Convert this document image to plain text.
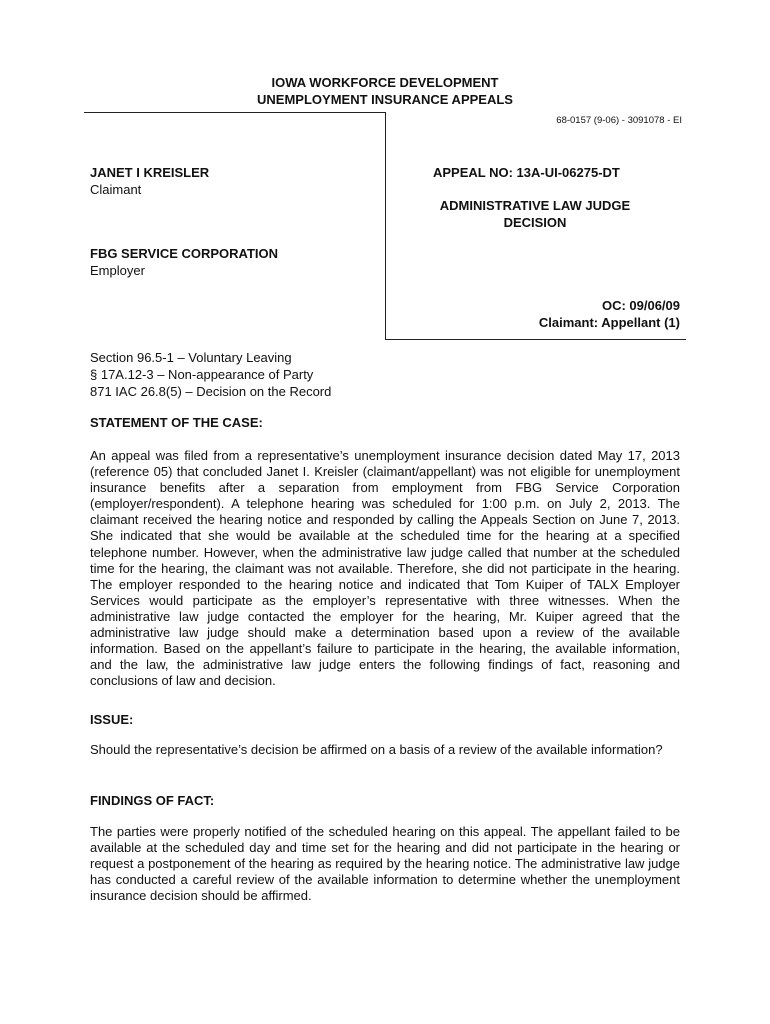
IOWA WORKFORCE DEVELOPMENT
UNEMPLOYMENT INSURANCE APPEALS
68-0157 (9-06) - 3091078 - EI
JANET I KREISLER
Claimant
FBG SERVICE CORPORATION
Employer
APPEAL NO: 13A-UI-06275-DT
ADMINISTRATIVE LAW JUDGE
DECISION
OC: 09/06/09
Claimant: Appellant (1)
Section 96.5-1 – Voluntary Leaving
§ 17A.12-3 – Non-appearance of Party
871 IAC 26.8(5) – Decision on the Record
STATEMENT OF THE CASE:
An appeal was filed from a representative’s unemployment insurance decision dated May 17, 2013 (reference 05) that concluded Janet I. Kreisler (claimant/appellant) was not eligible for unemployment insurance benefits after a separation from employment from FBG Service Corporation (employer/respondent). A telephone hearing was scheduled for 1:00 p.m. on July 2, 2013. The claimant received the hearing notice and responded by calling the Appeals Section on June 7, 2013. She indicated that she would be available at the scheduled time for the hearing at a specified telephone number. However, when the administrative law judge called that number at the scheduled time for the hearing, the claimant was not available. Therefore, she did not participate in the hearing. The employer responded to the hearing notice and indicated that Tom Kuiper of TALX Employer Services would participate as the employer’s representative with three witnesses. When the administrative law judge contacted the employer for the hearing, Mr. Kuiper agreed that the administrative law judge should make a determination based upon a review of the available information. Based on the appellant’s failure to participate in the hearing, the available information, and the law, the administrative law judge enters the following findings of fact, reasoning and conclusions of law and decision.
ISSUE:
Should the representative’s decision be affirmed on a basis of a review of the available information?
FINDINGS OF FACT:
The parties were properly notified of the scheduled hearing on this appeal. The appellant failed to be available at the scheduled day and time set for the hearing and did not participate in the hearing or request a postponement of the hearing as required by the hearing notice. The administrative law judge has conducted a careful review of the available information to determine whether the unemployment insurance decision should be affirmed.
